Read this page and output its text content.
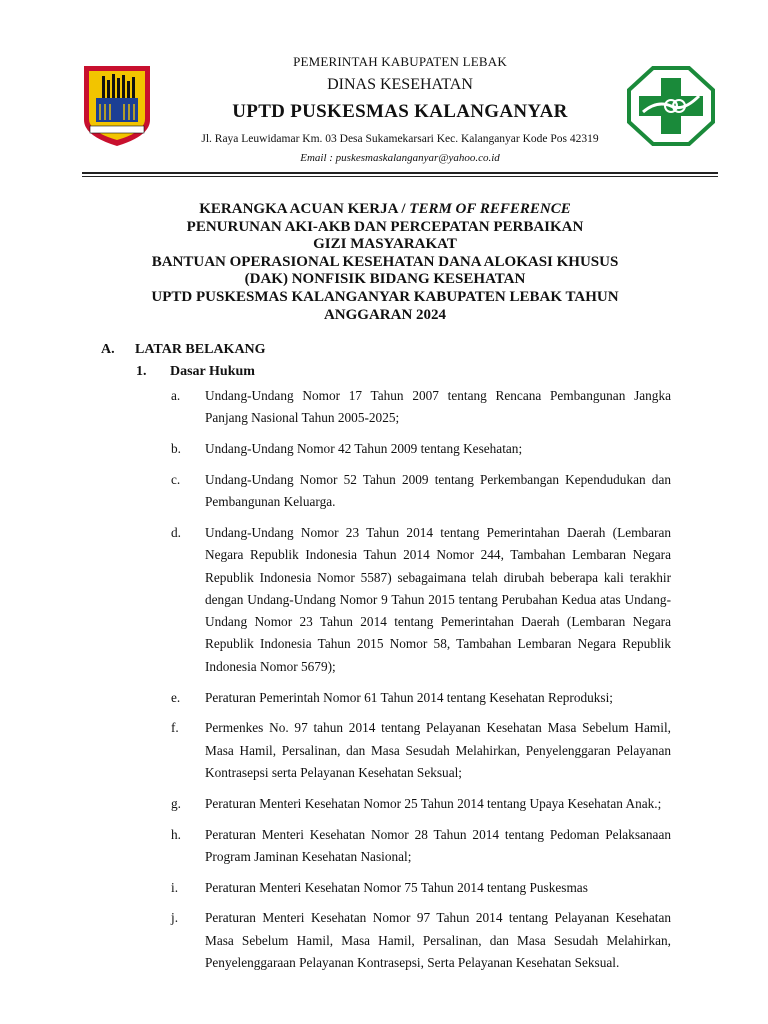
PEMERINTAH KABUPATEN LEBAK
DINAS KESEHATAN
UPTD PUSKESMAS KALANGANYAR
Jl. Raya Leuwidamar Km. 03 Desa Sukamekarsari Kec. Kalanganyar Kode Pos 42319
Email : puskesmaskalanganyar@yahoo.co.id
KERANGKA ACUAN KERJA / TERM OF REFERENCE
PENURUNAN AKI-AKB DAN PERCEPATAN PERBAIKAN
GIZI MASYARAKAT
BANTUAN OPERASIONAL KESEHATAN DANA ALOKASI KHUSUS
(DAK) NONFISIK BIDANG KESEHATAN
UPTD PUSKESMAS KALANGANYAR KABUPATEN LEBAK TAHUN
ANGGARAN 2024
A. LATAR BELAKANG
1. Dasar Hukum
a.	Undang-Undang Nomor 17 Tahun 2007 tentang Rencana Pembangunan Jangka Panjang Nasional Tahun 2005-2025;
b.	Undang-Undang Nomor 42 Tahun 2009 tentang Kesehatan;
c.	Undang-Undang Nomor 52 Tahun 2009 tentang Perkembangan Kependudukan dan Pembangunan Keluarga.
d.	Undang-Undang Nomor 23 Tahun 2014 tentang Pemerintahan Daerah (Lembaran Negara Republik Indonesia Tahun 2014 Nomor 244, Tambahan Lembaran Negara Republik Indonesia Nomor 5587) sebagaimana telah dirubah beberapa kali terakhir dengan Undang-Undang Nomor 9 Tahun 2015 tentang Perubahan Kedua atas Undang-Undang Nomor 23 Tahun 2014 tentang Pemerintahan Daerah (Lembaran Negara Republik Indonesia Tahun 2015 Nomor 58, Tambahan Lembaran Negara Republik Indonesia Nomor 5679);
e.	Peraturan Pemerintah Nomor 61 Tahun 2014 tentang Kesehatan Reproduksi;
f.	Permenkes No. 97 tahun 2014 tentang Pelayanan Kesehatan Masa Sebelum Hamil, Masa Hamil, Persalinan, dan Masa Sesudah Melahirkan, Penyelenggaran Pelayanan Kontrasepsi serta Pelayanan Kesehatan Seksual;
g.	Peraturan Menteri Kesehatan Nomor 25 Tahun 2014 tentang Upaya Kesehatan Anak.;
h.	Peraturan Menteri Kesehatan Nomor 28 Tahun 2014 tentang Pedoman Pelaksanaan Program Jaminan Kesehatan Nasional;
i.	Peraturan Menteri Kesehatan Nomor 75 Tahun 2014 tentang Puskesmas
j.	Peraturan Menteri Kesehatan Nomor 97 Tahun 2014 tentang Pelayanan Kesehatan Masa Sebelum Hamil, Masa Hamil, Persalinan, dan Masa Sesudah Melahirkan, Penyelenggaraan Pelayanan Kontrasepsi, Serta Pelayanan Kesehatan Seksual.
